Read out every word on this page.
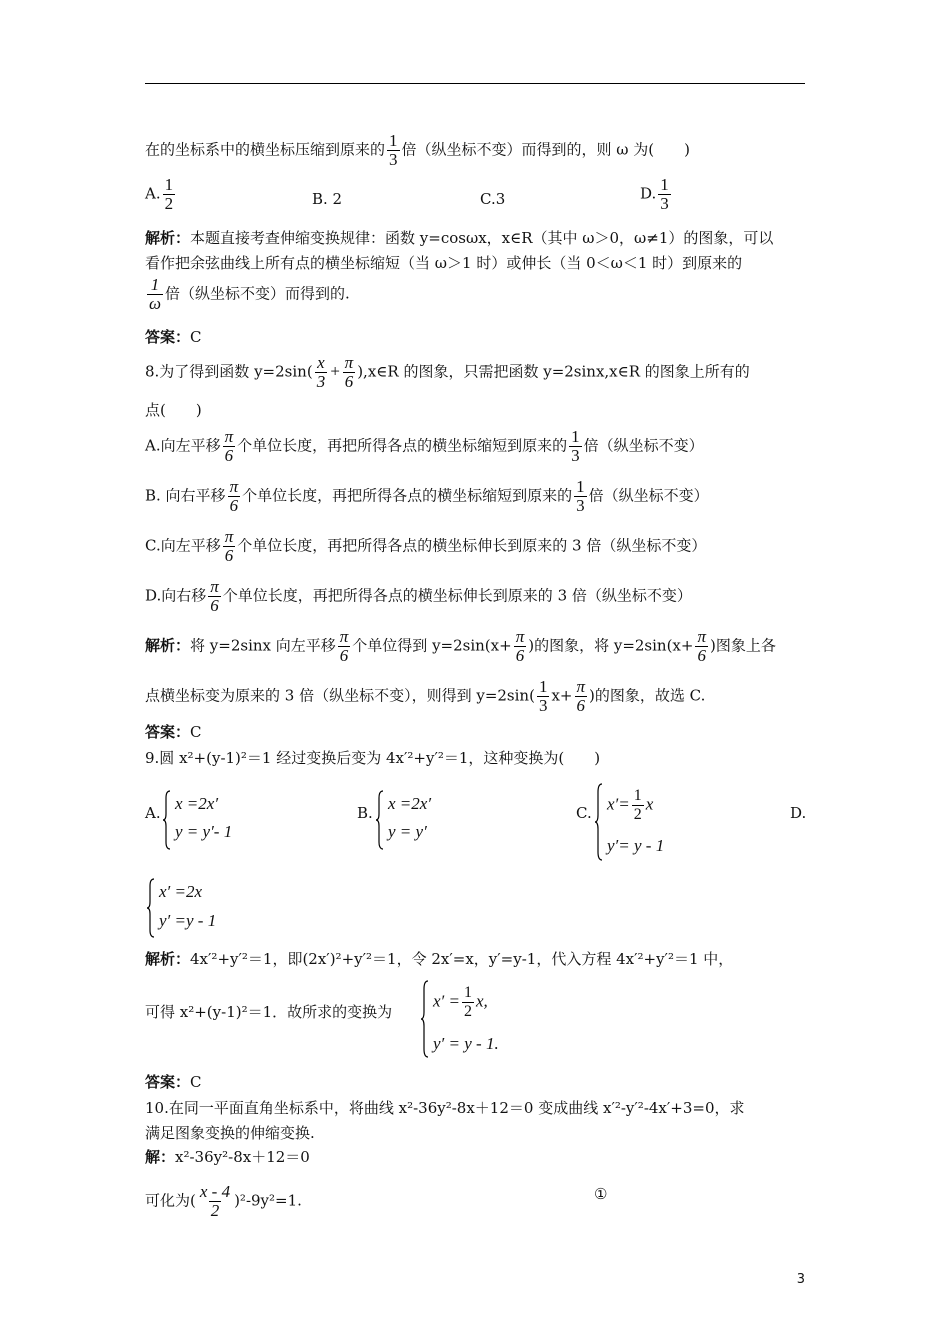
在的坐标系中的横坐标压缩到原来的 $\frac{1}{3}$ 倍（纵坐标不变）而得到的，则 ω 为(　　)
A. $\frac{1}{2}$	B. 2	C.3	D. $\frac{1}{3}$
解析：本题直接考查伸缩变换规律：函数 y=cosωx，x∈R（其中 ω＞0，ω≠1）的图象，可以
看作把余弦曲线上所有点的横坐标缩短（当 ω＞1 时）或伸长（当 0＜ω＜1 时）到原来的
$\frac{1}{\omega}$ 倍（纵坐标不变）而得到的.
答案：C
8.为了得到函数 $y=2\sin( \frac{x}{3} + \frac{\pi}{6}$ ),x∈R 的图象，只需把函数 y=2sinx,x∈R 的图象上所有的
点(　　)
A.向左平移 $\frac{\pi}{6}$ 个单位长度，再把所得各点的横坐标缩短到原来的 $\frac{1}{3}$ 倍（纵坐标不变）
B. 向右平移 $\frac{\pi}{6}$ 个单位长度，再把所得各点的横坐标缩短到原来的 $\frac{1}{3}$ 倍（纵坐标不变）
C.向左平移 $\frac{\pi}{6}$ 个单位长度，再把所得各点的横坐标伸长到原来的 3 倍（纵坐标不变）
D.向右移 $\frac{\pi}{6}$ 个单位长度，再把所得各点的横坐标伸长到原来的 3 倍（纵坐标不变）
解析：将 y=2sinx 向左平移 $\frac{\pi}{6}$ 个单位得到 $y=2\sin(x+ \frac{\pi}{6}$ )的图象，将 $y=2\sin(x+ \frac{\pi}{6}$ )图象上各
点横坐标变为原来的 3 倍（纵坐标不变），则得到 $y=2\sin( \frac{1}{3} x+ \frac{\pi}{6}$ )的图象，故选 C.
答案：C
9.圆 x²+(y-1)²＝1 经过变换后变为 4x′²+y′²＝1，这种变换为(　　)
A. x =2x′
y = y′- 1
B. x =2x′
y = y′
C. $x'= \frac{1}{2}$ x
y′= y - 1
D.
x′ =2x
y′ =y - 1
解析：4x′²+y′²＝1，即(2x′)²+y′²＝1，令 2x′=x，y′=y-1，代入方程 4x′²+y′²＝1 中，
可得 x²+(y-1)²＝1．故所求的变换为
$x' = \frac{1}{2} x$,
y′ = y - 1.
答案：C
10.在同一平面直角坐标系中，将曲线 x²-36y²-8x＋12＝0 变成曲线 x′²-y′²-4x′+3=0，求
满足图象变换的伸缩变换.
解：x²-36y²-8x＋12＝0
可化为( $\frac{x - 4}{2} )^2-9y^2=1$.	①
3
